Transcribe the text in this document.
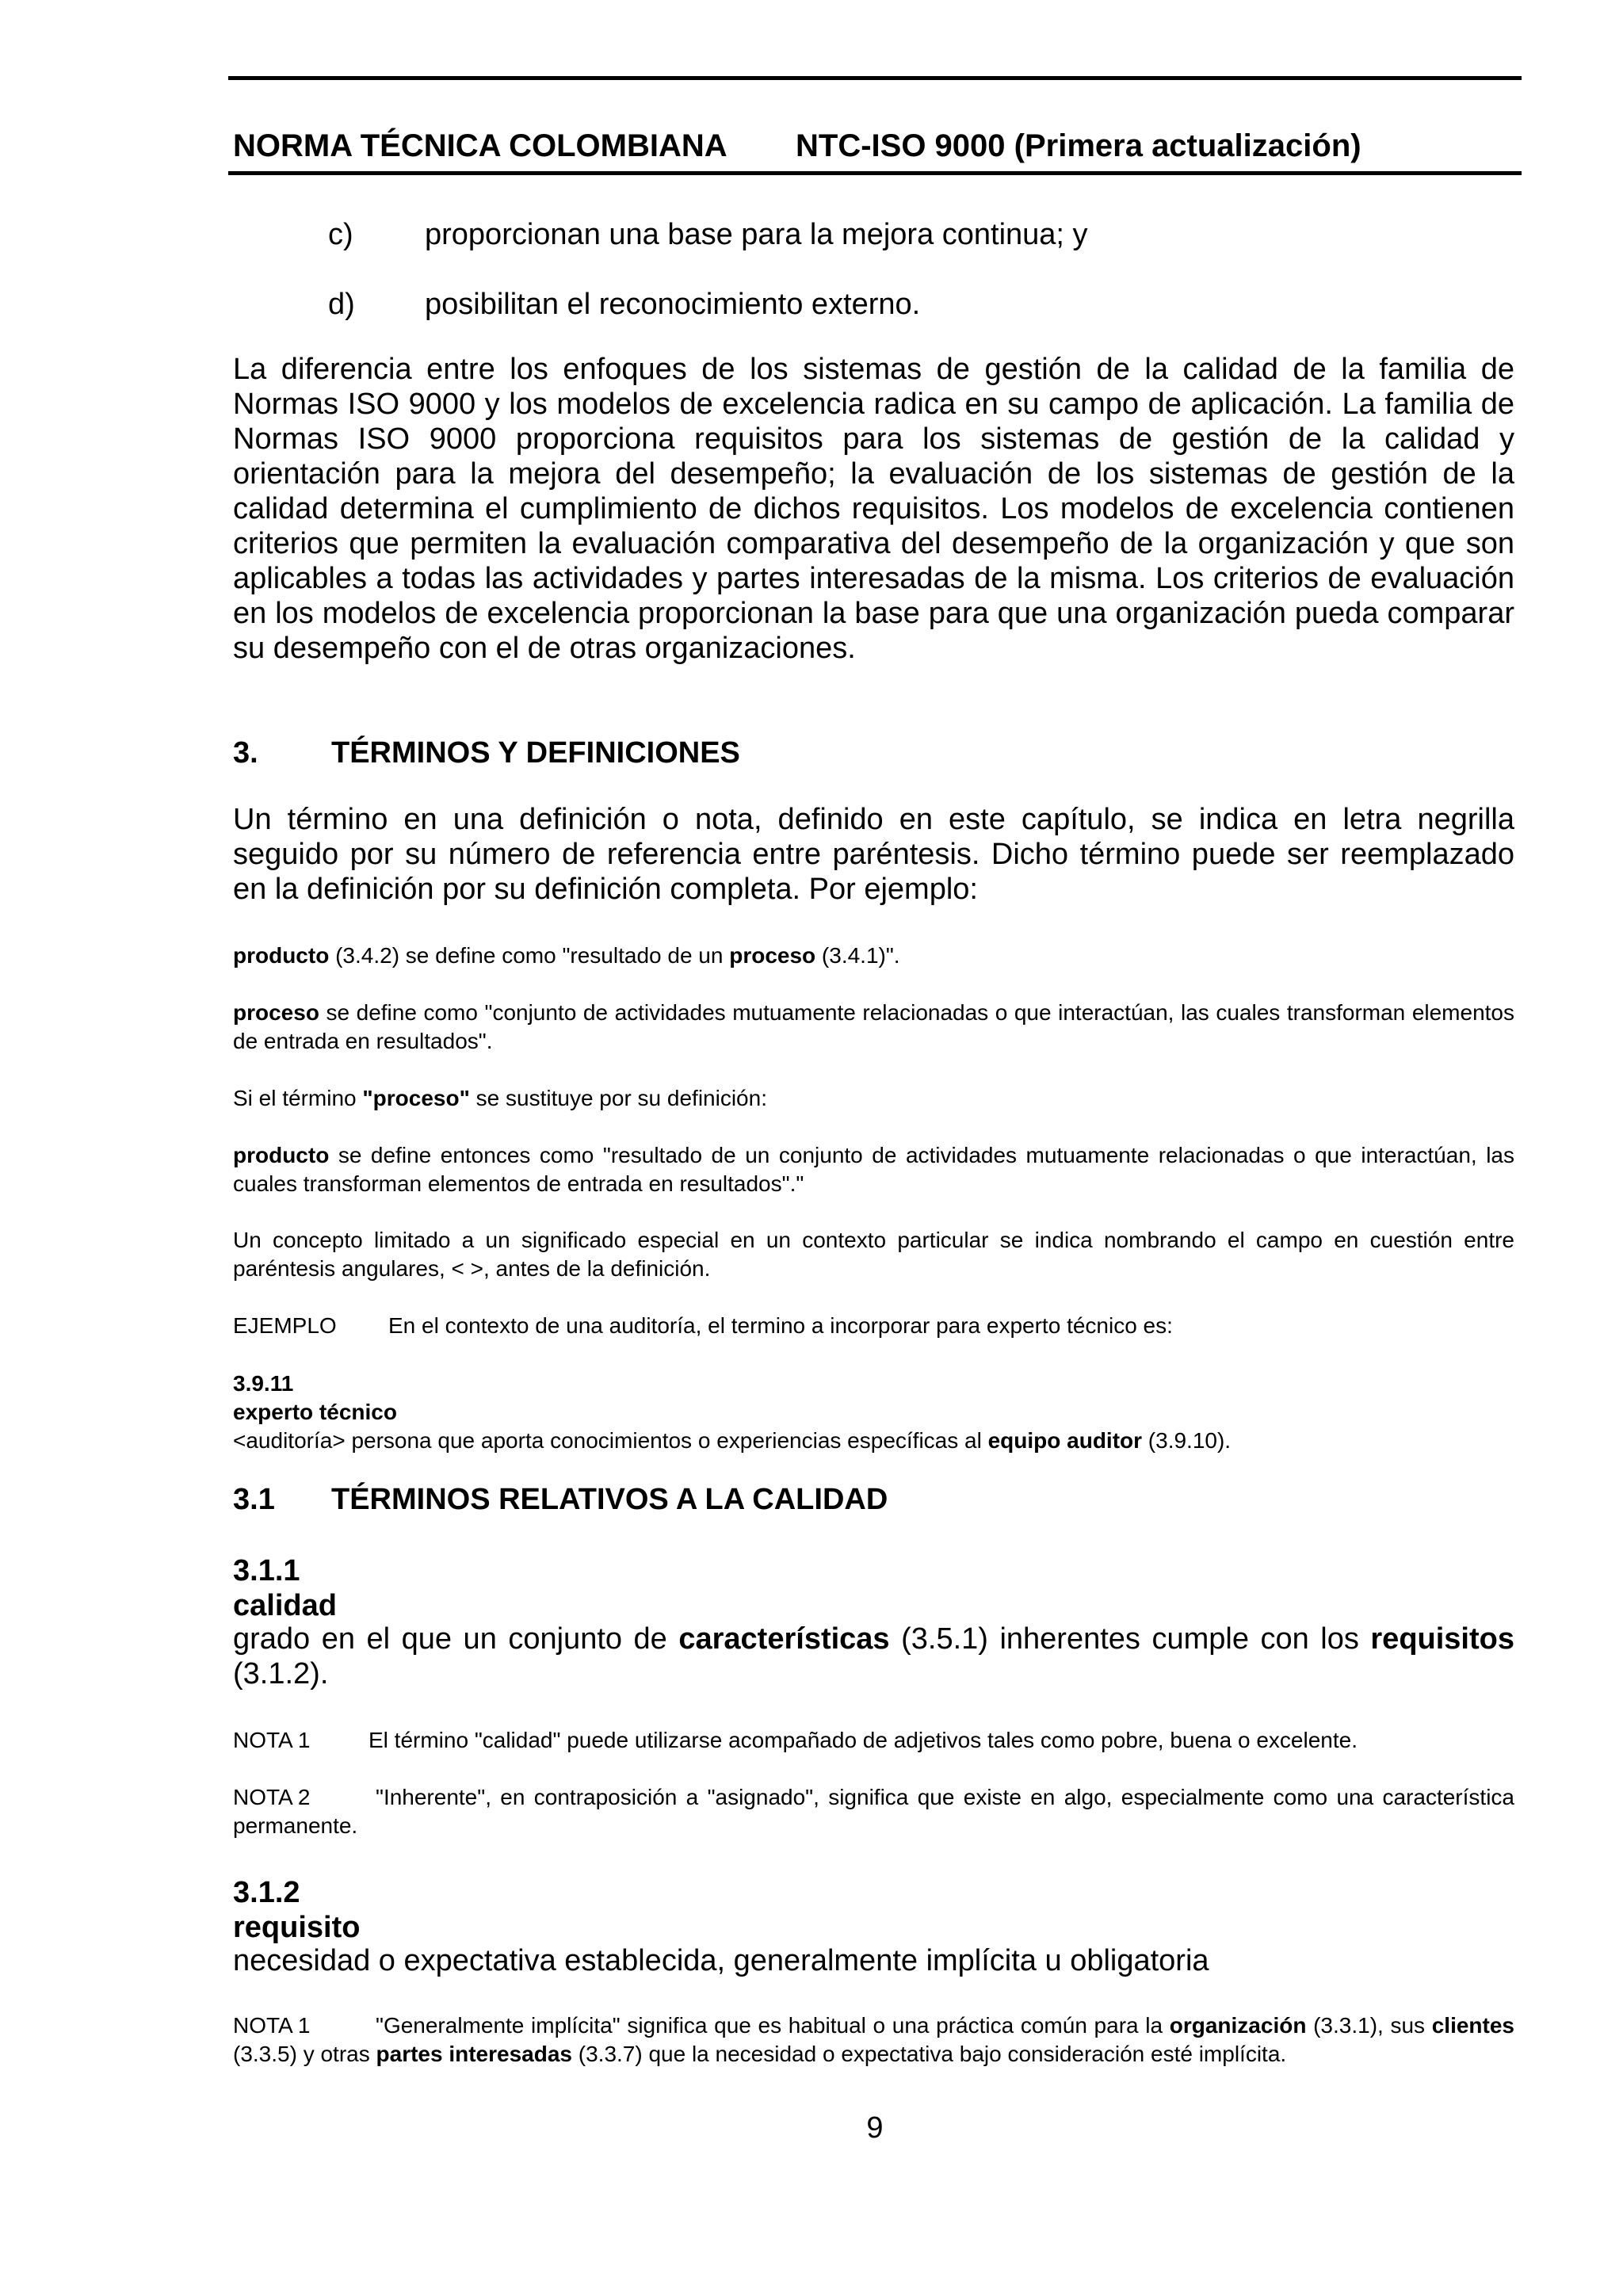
NORMA TÉCNICA COLOMBIANA NTC-ISO 9000 (Primera actualización)
c) proporcionan una base para la mejora continua; y
d) posibilitan el reconocimiento externo.

La diferencia entre los enfoques de los sistemas de gestión de la calidad de la familia de Normas ISO 9000 y los modelos de excelencia radica en su campo de aplicación. La familia de Normas ISO 9000 proporciona requisitos para los sistemas de gestión de la calidad y orientación para la mejora del desempeño; la evaluación de los sistemas de gestión de la calidad determina el cumplimiento de dichos requisitos. Los modelos de excelencia contienen criterios que permiten la evaluación comparativa del desempeño de la organización y que son aplicables a todas las actividades y partes interesadas de la misma. Los criterios de evaluación en los modelos de excelencia proporcionan la base para que una organización pueda comparar su desempeño con el de otras organizaciones.

3. TÉRMINOS Y DEFINICIONES

Un término en una definición o nota, definido en este capítulo, se indica en letra negrilla seguido por su número de referencia entre paréntesis. Dicho término puede ser reemplazado en la definición por su definición completa. Por ejemplo:

producto (3.4.2) se define como "resultado de un proceso (3.4.1)".

proceso se define como "conjunto de actividades mutuamente relacionadas o que interactúan, las cuales transforman elementos de entrada en resultados".

Si el término "proceso" se sustituye por su definición:

producto se define entonces como "resultado de un conjunto de actividades mutuamente relacionadas o que interactúan, las cuales transforman elementos de entrada en resultados"."

Un concepto limitado a un significado especial en un contexto particular se indica nombrando el campo en cuestión entre paréntesis angulares, < >, antes de la definición.

EJEMPLO En el contexto de una auditoría, el termino a incorporar para experto técnico es:

3.9.11
experto técnico
<auditoría> persona que aporta conocimientos o experiencias específicas al equipo auditor (3.9.10).
3.1 TÉRMINOS RELATIVOS A LA CALIDAD
3.1.1
calidad

grado en el que un conjunto de características (3.5.1) inherentes cumple con los requisitos (3.1.2).

NOTA 1	El término "calidad" puede utilizarse acompañado de adjetivos tales como pobre, buena o excelente.

NOTA 2	"Inherente", en contraposición a "asignado", significa que existe en algo, especialmente como una característica permanente.

3.1.2
requisito
necesidad o expectativa establecida, generalmente implícita u obligatoria

NOTA 1	"Generalmente implícita" significa que es habitual o una práctica común para la organización (3.3.1), sus clientes (3.3.5) y otras partes interesadas (3.3.7) que la necesidad o expectativa bajo consideración esté implícita.

9
